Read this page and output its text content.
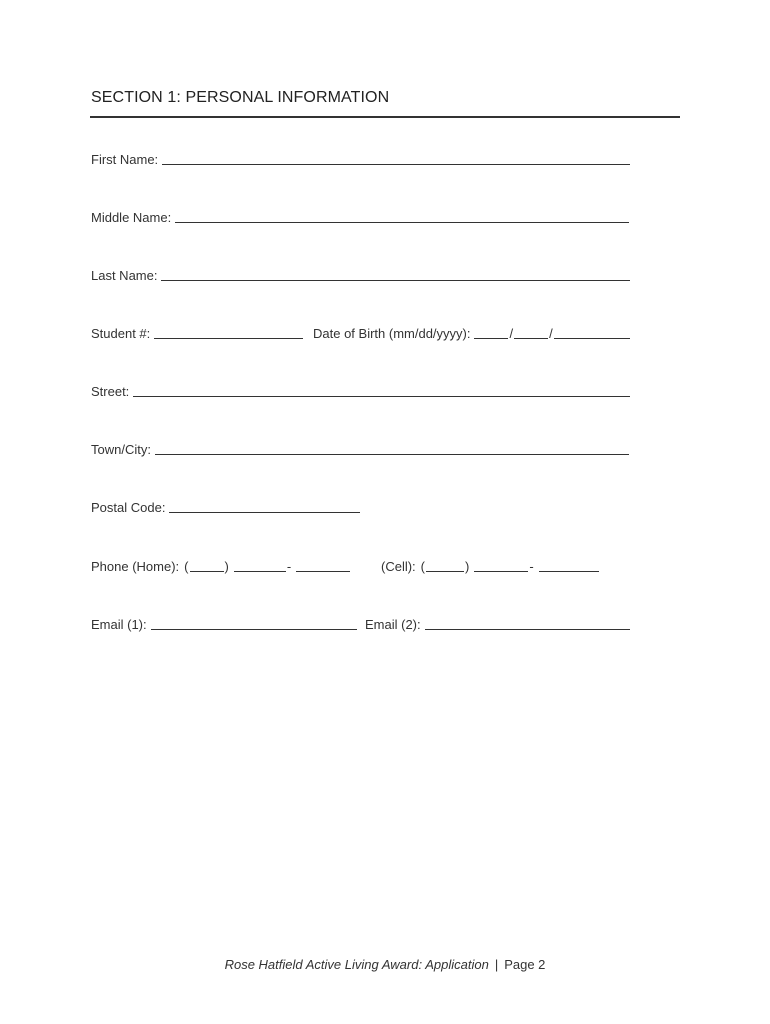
SECTION 1: PERSONAL INFORMATION
First Name:
Middle Name:
Last Name:
Student #:	Date of Birth (mm/dd/yyyy):	/	/
Street:
Town/City:
Postal Code:
Phone (Home): (	)	-	(Cell): (	)	-
Email (1):	Email (2):
Rose Hatfield Active Living Award: Application | Page 2
